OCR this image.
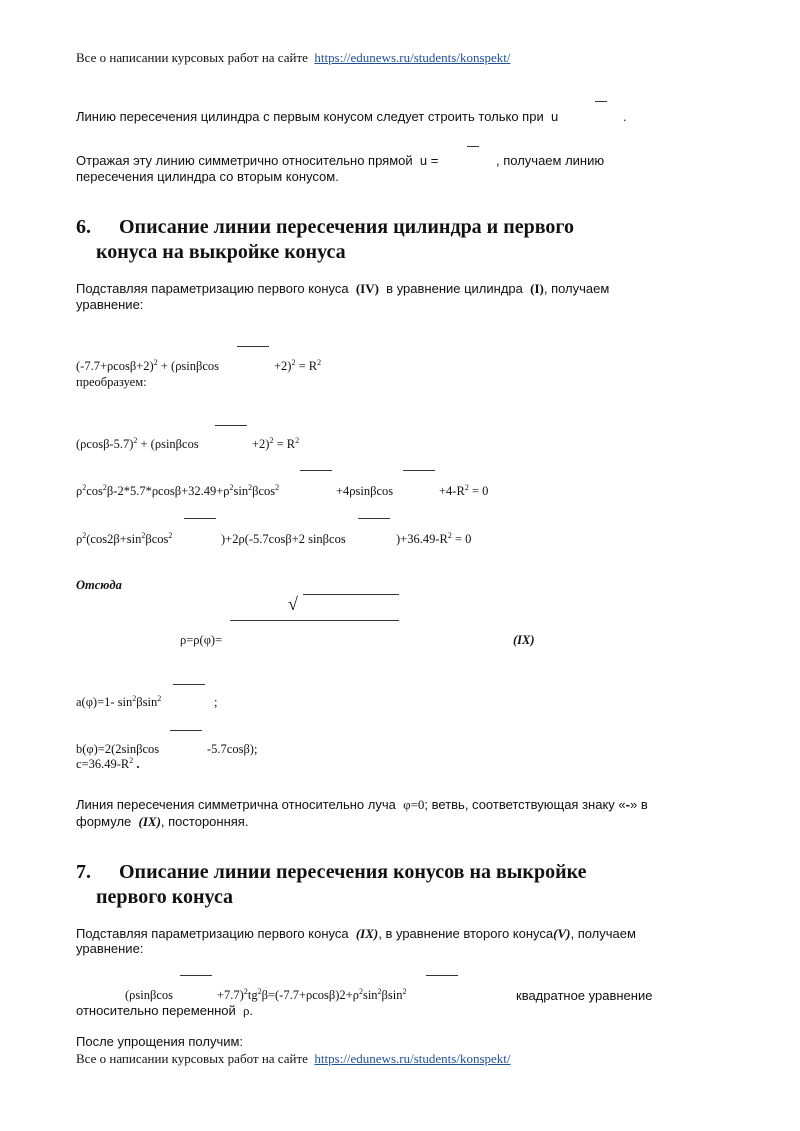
Все о написании курсовых работ на сайте https://edunews.ru/students/konspekt/
Линию пересечения цилиндра с первым конусом следует строить только при u	.
Отражая эту линию симметрично относительно прямой u =	, получаем линию
пересечения цилиндра со вторым конусом.
6. Описание линии пересечения цилиндра и первого
конуса на выкройке конуса
Подставляя параметризацию первого конуса (IV) в уравнение цилиндра (I), получаем
уравнение:
$(-7.7+\rho\cos\beta+2)^2 + (\rho\sin\beta\cos$	$+2)^2 = R^2$
преобразуем:
$(\rho\cos\beta-5.7)^2 + (\rho\sin\beta\cos$	$+2)^2 = R^2$
$\rho^2\cos^2\beta-2*5.7*\rho\cos\beta+32.49+\rho^2\sin^2\beta\cos^2$	+4ρsinβcos	$+4-R^2 = 0$
$\rho^2(\cos 2\beta+\sin^2\beta\cos^2$	)+2ρ(-5.7cosβ+2 sinβcos	)$+36.49-R^2 = 0$
Отсюда
√
ρ=ρ(φ)=	(IX)
a(φ)=1- $\sin^2\beta\sin^2$	;
b(φ)=2(2sinβcos	-5.7cosβ);
$c=36.49-R^2$ .
Линия пересечения симметрична относительно луча φ=0; ветвь, соответствующая знаку «-» в
формуле (IX), посторонняя.
7. Описание линии пересечения конусов на выкройке
первого конуса
Подставляя параметризацию первого конуса (IX), в уравнение второго конуса(V), получаем
уравнение:
(ρsinβcos	$+7.7)^2tg^2\beta=(-7.7+\rho\cos\beta)2+\rho^2\sin^2\beta\sin^2$	квадратное уравнение
относительно переменной ρ.
После упрощения получим:
Все о написании курсовых работ на сайте https://edunews.ru/students/konspekt/
